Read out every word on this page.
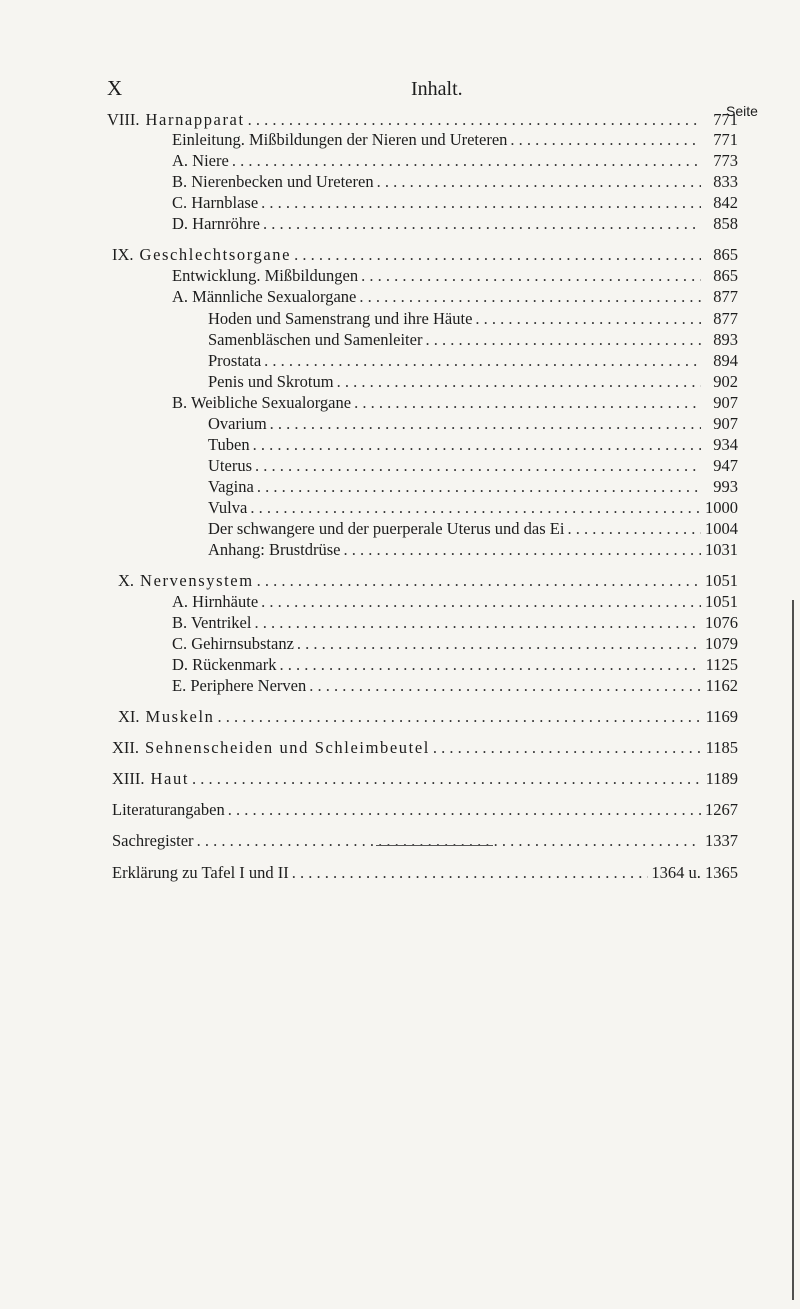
X	Inhalt.
Seite
VIII. Harnapparat . . .	771
Einleitung. Mißbildungen der Nieren und Ureteren . . .	771
A. Niere . . .	773
B. Nierenbecken und Ureteren . . .	833
C. Harnblase . . .	842
D. Harnröhre . . .	858
IX. Geschlechtsorgane . . .	865
Entwicklung. Mißbildungen . . .	865
A. Männliche Sexualorgane . . .	877
Hoden und Samenstrang und ihre Häute . . .	877
Samenbläschen und Samenleiter . . .	893
Prostata . . .	894
Penis und Skrotum . . .	902
B. Weibliche Sexualorgane . . .	907
Ovarium . . .	907
Tuben . . .	934
Uterus . . .	947
Vagina . . .	993
Vulva . . .	1000
Der schwangere und der puerperale Uterus und das Ei . . .	1004
Anhang: Brustdrüse . . .	1031
X. Nervensystem . . .	1051
A. Hirnhäute . . .	1051
B. Ventrikel . . .	1076
C. Gehirnsubstanz . . .	1079
D. Rückenmark . . .	1125
E. Periphere Nerven . . .	1162
XI. Muskeln . . .	1169
XII. Sehnenscheiden und Schleimbeutel . . .	1185
XIII. Haut . . .	1189
Literaturangaben . . .	1267
Sachregister . . .	1337
Erklärung zu Tafel I und II . . .	1364 u. 1365
